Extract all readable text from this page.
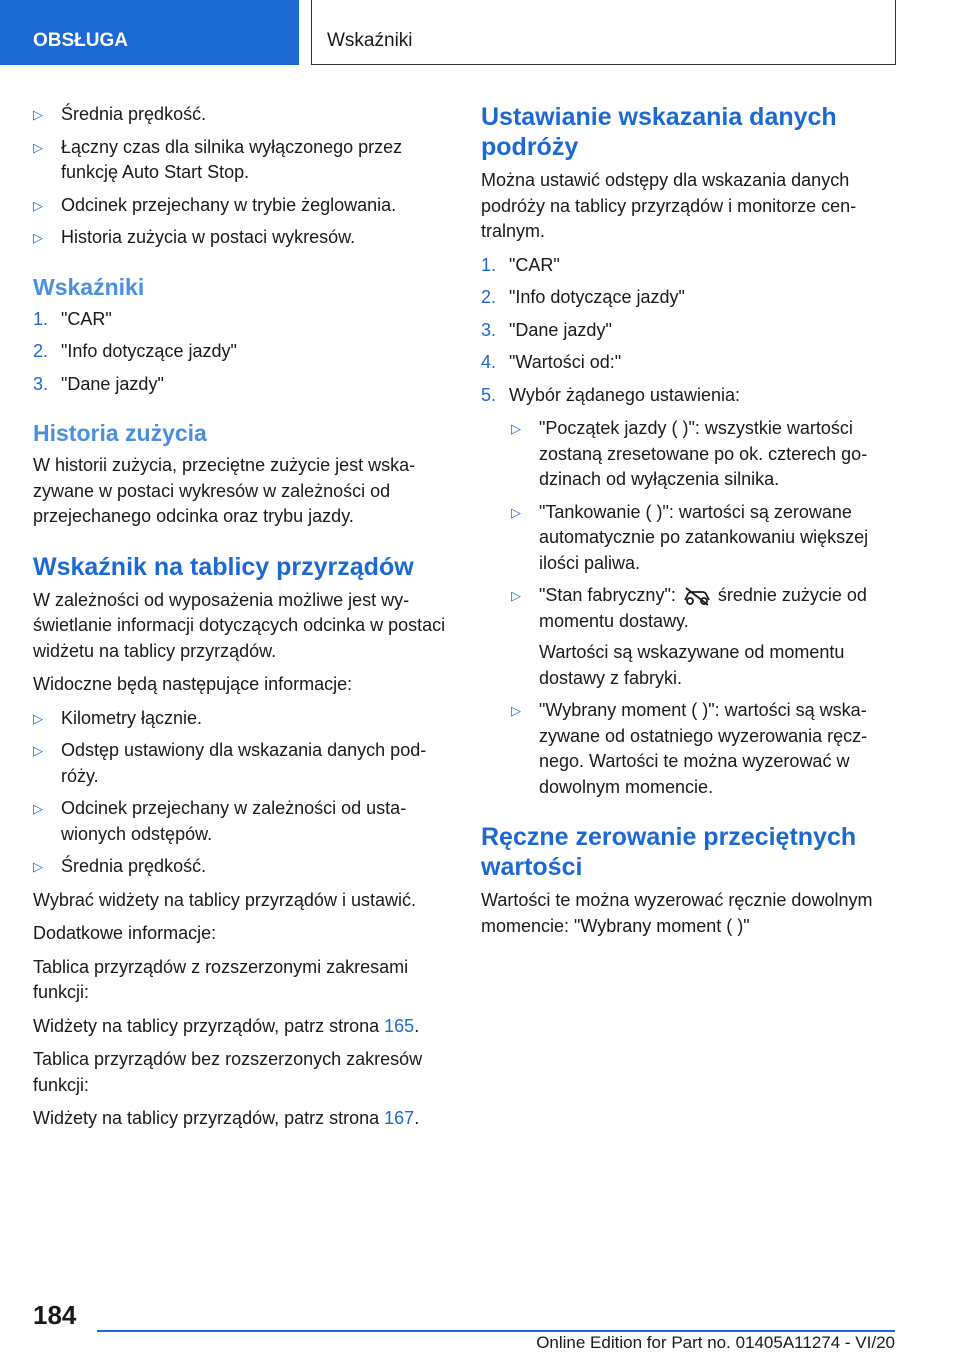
OBSŁUGA	Wskaźniki
▷ Średnia prędkość.
▷ Łączny czas dla silnika wyłączonego przez funkcję Auto Start Stop.
▷ Odcinek przejechany w trybie żeglowania.
▷ Historia zużycia w postaci wykresów.
Wskaźniki
1. "CAR"
2. "Info dotyczące jazdy"
3. "Dane jazdy"
Historia zużycia

W historii zużycia, przeciętne zużycie jest wskazywane w postaci wykresów w zależności od przejechanego odcinka oraz trybu jazdy.

Wskaźnik na tablicy przyrządów

W zależności od wyposażenia możliwe jest wyświetlanie informacji dotyczących odcinka w postaci widżetu na tablicy przyrządów.

Widoczne będą następujące informacje:

▷ Kilometry łącznie.
▷ Odstęp ustawiony dla wskazania danych podróży.
▷ Odcinek przejechany w zależności od ustawionych odstępów.
▷ Średnia prędkość.

Wybrać widżety na tablicy przyrządów i ustawić.

Dodatkowe informacje:

Tablica przyrządów z rozszerzonymi zakresami funkcji:

Widżety na tablicy przyrządów, patrz strona 165.

Tablica przyrządów bez rozszerzonych zakresów funkcji:

Widżety na tablicy przyrządów, patrz strona 167.

Ustawianie wskazania danych podróży

Można ustawić odstępy dla wskazania danych podróży na tablicy przyrządów i monitorze centralnym.

1. "CAR"
2. "Info dotyczące jazdy"
3. "Dane jazdy"
4. "Wartości od:"
5. Wybór żądanego ustawienia:
▷ "Początek jazdy ( )": wszystkie wartości zostaną zresetowane po ok. czterech godzinach od wyłączenia silnika.
▷ "Tankowanie ( )": wartości są zerowane automatycznie po zatankowaniu większej ilości paliwa.
▷ "Stan fabryczny": średnie zużycie od momentu dostawy.
Wartości są wskazywane od momentu dostawy z fabryki.
▷ "Wybrany moment ( )": wartości są wskazywane od ostatniego wyzerowania ręcznego. Wartości te można wyzerować w dowolnym momencie.
Ręczne zerowanie przeciętnych wartości

Wartości te można wyzerować ręcznie dowolnym momencie: "Wybrany moment ( )"

184
Online Edition for Part no. 01405A11274 - VI/20
